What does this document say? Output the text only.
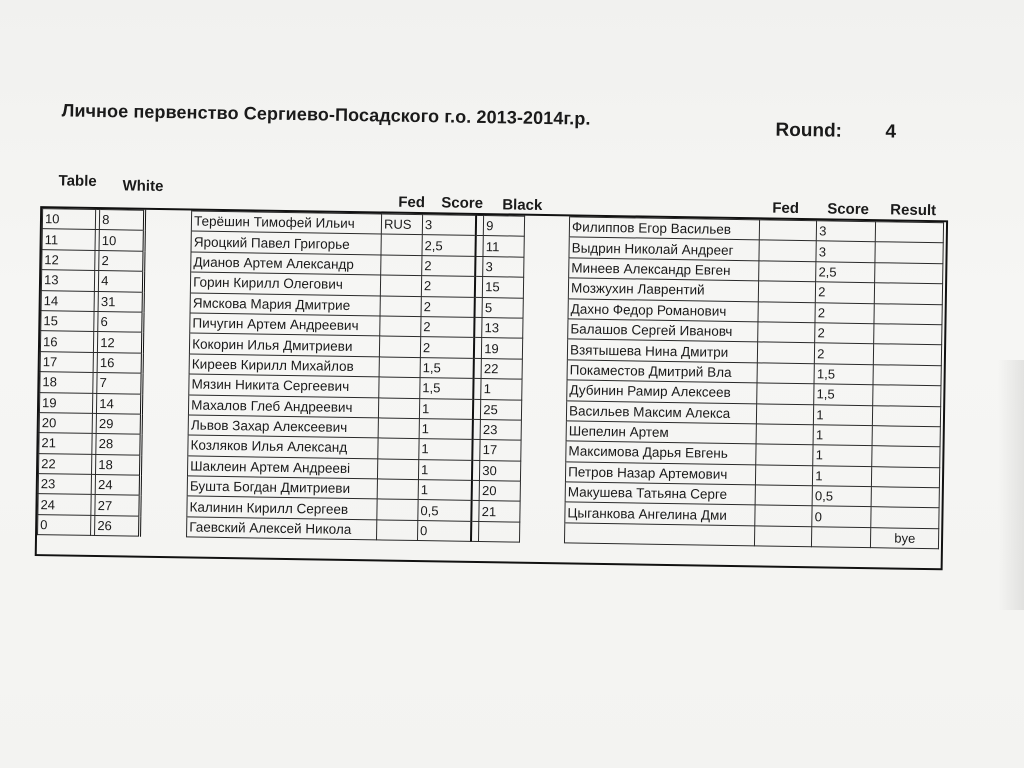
Личное первенство Сергиево-Посадского г.о. 2013-2014г.р.
Round: 4
Table White
Fed Score Black	Fed Score Result
10		8		Терёшин Тимофей Ильич	RUS	3		9		Филиппов Егор Васильев		3	
11		10		Яроцкий Павел Григорье		2,5		11		Выдрин Николай Андреег		3	
12		2		Дианов Артем Александр		2		3		Минеев Александр Евген		2,5	
13		4		Горин Кирилл Олегович		2		15		Мозжухин Лаврентий		2	
14		31		Ямскова Мария Дмитрие		2		5		Дахно Федор Романович		2	
15		6		Пичугин Артем Андреевич		2		13		Балашов Сергей Ивановч		2	
16		12		Кокорин Илья Дмитриеви		2		19		Взятышева Нина Дмитри		2	
17		16		Киреев Кирилл Михайлов		1,5		22		Покаместов Дмитрий Вла		1,5	
18		7		Мязин Никита Сергеевич		1,5		1		Дубинин Рамир Алексеев		1,5	
19		14		Махалов Глеб Андреевич		1		25		Васильев Максим Алекса		1	
20		29		Львов Захар Алексеевич		1		23		Шепелин Артем		1	
21		28		Козляков Илья Александ		1		17		Максимова Дарья Евгень		1	
22		18		Шаклеин Артем Андрееві		1		30		Петров Назар Артемович		1	
23		24		Бушта Богдан Дмитриеви		1		20		Макушева Татьяна Серге		0,5	
24		27		Калинин Кирилл Сергеев		0,5		21		Цыганкова Ангелина Дми		0	
0		26		Гаевский Алексей Никола		0							bye
